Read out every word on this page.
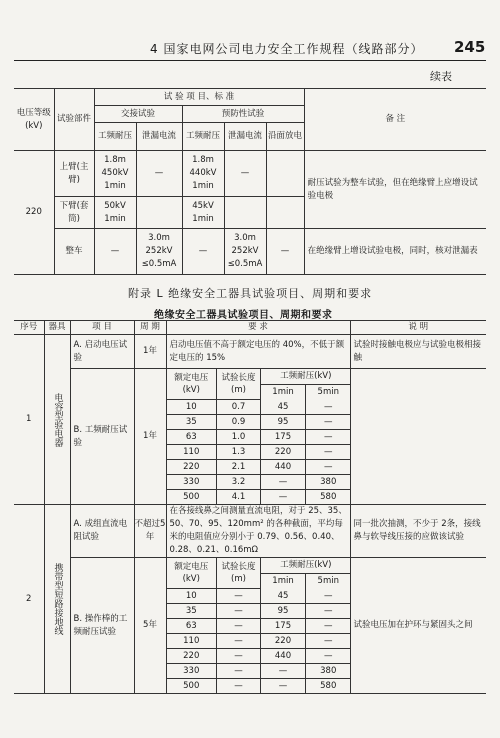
4 国家电网公司电力安全工作规程（线路部分） 245
续表
电压等级(kV)	试验部件	试 验 项 目、标 准					备 注
		交接试验		预防性试验			
		工频耐压	泄漏电流	工频耐压	泄漏电流	沿面放电	
220	上臂(主臂)	1.8m
450kV
1min	—	1.8m
440kV
1min	—		耐压试验为整车试验，但在绝缘臂上应增设试验电极
	下臂(套筒)	50kV
1min		45kV
1min			

	整车	—	3.0m
252kV
≤0.5mA	—	3.0m
252kV
≤0.5mA	—	在绝缘臂上增设试验电极，同时，核对泄漏表
附录 L 绝缘安全工器具试验项目、周期和要求
绝缘安全工器具试验项目、周期和要求
序号	器具	项 目	周 期	要 求	说 明
1	电容型验电器
	A. 启动电压试验	1年	启动电压值不高于额定电压的 40%，不低于额定电压的 15%	试验时接触电极应与试验电极相接触
B. 工频耐压试验	1年	
额定电压(kV)	试验长度(m)	工频耐压(kV)
1min	5min
10	0.7	45	—
35	0.9	95	—
63	1.0	175	—
110	1.3	220	—
220	2.1	440	—
330	3.2	—	380
500	4.1	—	580

2	携带型短路接地线
	A. 成组直流电阻试验	不超过5年	在各接线鼻之间测量直流电阻，对于 25、35、50、70、95、120mm² 的各种截面，平均每米的电阻值应分别小于 0.79、0.56、0.40、0.28、0.21、0.16mΩ	同一批次抽测，不少于 2条，接线鼻与软导线压接的应做该试验
B. 操作棒的工频耐压试验	5年	
额定电压(kV)	试验长度(m)	工频耐压(kV)
1min	5min
10	—	45	—
35	—	95	—
63	—	175	—
110	—	220	—
220	—	440	—
330	—	—	380
500	—	—	580
	试验电压加在护环与紧固头之间
